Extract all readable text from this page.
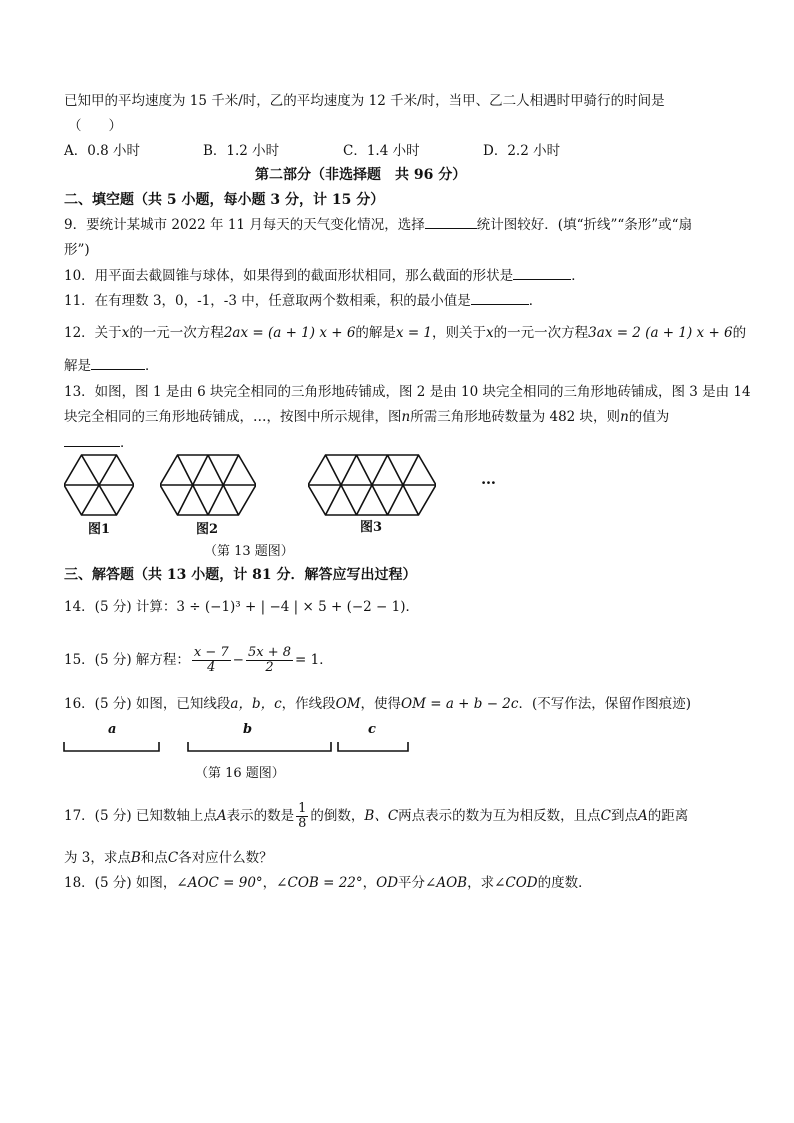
已知甲的平均速度为 15 千米/时，乙的平均速度为 12 千米/时，当甲、乙二人相遇时甲骑行的时间是
（　　）
A．0.8 小时	B．1.2 小时	C．1.4 小时	D．2.2 小时
第二部分（非选择题　共 96 分）
二、填空题（共 5 小题，每小题 3 分，计 15 分）
9．要统计某城市 2022 年 11 月每天的天气变化情况，选择	统计图较好．(填“折线”“条形”或“扇
形”)
10．用平面去截圆锥与球体，如果得到的截面形状相同，那么截面的形状是	．
11．在有理数 3，0，-1，-3 中，任意取两个数相乘，积的最小值是	．
12．关于x的一元一次方程2ax = (a + 1) x + 6的解是x = 1，则关于x的一元一次方程3ax = 2 (a + 1) x + 6的
解是	．
13．如图，图 1 是由 6 块完全相同的三角形地砖铺成，图 2 是由 10 块完全相同的三角形地砖铺成，图 3 是由 14
块完全相同的三角形地砖铺成，…，按图中所示规律，图n所需三角形地砖数量为 482 块，则n的值为
．
图1	图2	图3
…
（第 13 题图）
三、解答题（共 13 小题，计 81 分．解答应写出过程）
14．(5 分) 计算：3 ÷ (−1)³ + | −4 | × 5 + (−2 − 1)．
15．(5 分) 解方程： $\frac{x - 7}{4} - \frac{5x + 8}{2} = 1$．
16．(5 分) 如图，已知线段a，b，c，作线段OM，使得OM = a + b − 2c．(不写作法，保留作图痕迹)
a	b	c
（第 16 题图）
17．(5 分) 已知数轴上点A表示的数是 $\frac{1}{8}$ 的倒数，B、C两点表示的数为互为相反数，且点C到点A的距离
为 3，求点B和点C各对应什么数？
18．(5 分) 如图，∠AOC = 90°，∠COB = 22°，OD平分∠AOB，求∠COD的度数．
